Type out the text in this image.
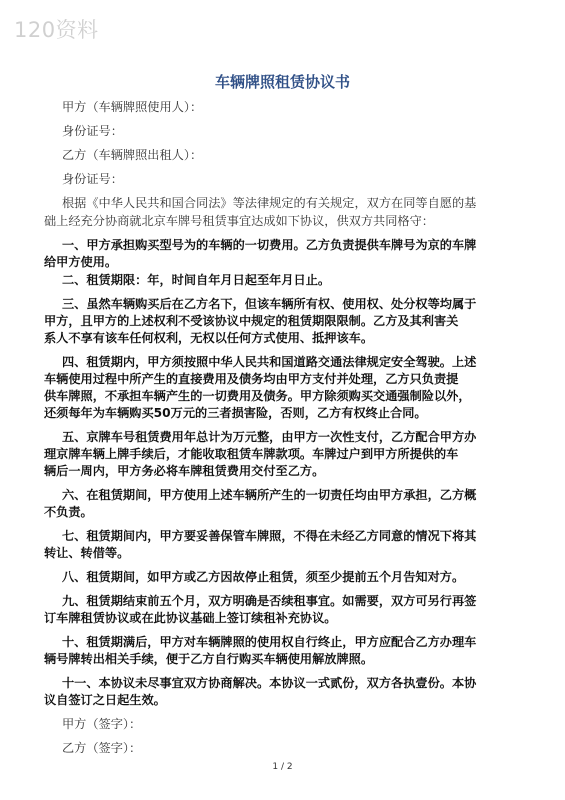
120资料
车辆牌照租赁协议书
甲方（车辆牌照使用人）：
身份证号：
乙方（车辆牌照出租人）：
身份证号：
根据《中华人民共和国合同法》等法律规定的有关规定，双方在同等自愿的基
础上经充分协商就北京车牌号租赁事宜达成如下协议，供双方共同格守：
一、甲方承担购买型号为的车辆的一切费用。乙方负责提供车牌号为京的车牌
给甲方使用。
二、租赁期限：年，时间自年月日起至年月日止。
三、虽然车辆购买后在乙方名下，但该车辆所有权、使用权、处分权等均属于
甲方，且甲方的上述权利不受该协议中规定的租赁期限限制。乙方及其利害关
系人不享有该车任何权利，无权以任何方式使用、抵押该车。
四、租赁期内，甲方须按照中华人民共和国道路交通法律规定安全驾驶。上述
车辆使用过程中所产生的直接费用及债务均由甲方支付并处理，乙方只负责提
供车牌照，不承担车辆产生的一切费用及债务。甲方除须购买交通强制险以外，
还须每年为车辆购买50万元的三者损害险，否则，乙方有权终止合同。
五、京牌车号租赁费用年总计为万元整，由甲方一次性支付，乙方配合甲方办
理京牌车辆上牌手续后，才能收取租赁车牌款项。车牌过户到甲方所提供的车
辆后一周内，甲方务必将车牌租赁费用交付至乙方。
六、在租赁期间，甲方使用上述车辆所产生的一切责任均由甲方承担，乙方概
不负责。
七、租赁期间内，甲方要妥善保管车牌照，不得在未经乙方同意的情况下将其
转让、转借等。
八、租赁期间，如甲方或乙方因故停止租赁，须至少提前五个月告知对方。
九、租赁期结束前五个月，双方明确是否续租事宜。如需要，双方可另行再签
订车牌租赁协议或在此协议基础上签订续租补充协议。
十、租赁期满后，甲方对车辆牌照的使用权自行终止，甲方应配合乙方办理车
辆号牌转出相关手续，便于乙方自行购买车辆使用解放牌照。
十一、本协议未尽事宜双方协商解决。本协议一式贰份，双方各执壹份。本协
议自签订之日起生效。
甲方（签字）：
乙方（签字）：
1 / 2
